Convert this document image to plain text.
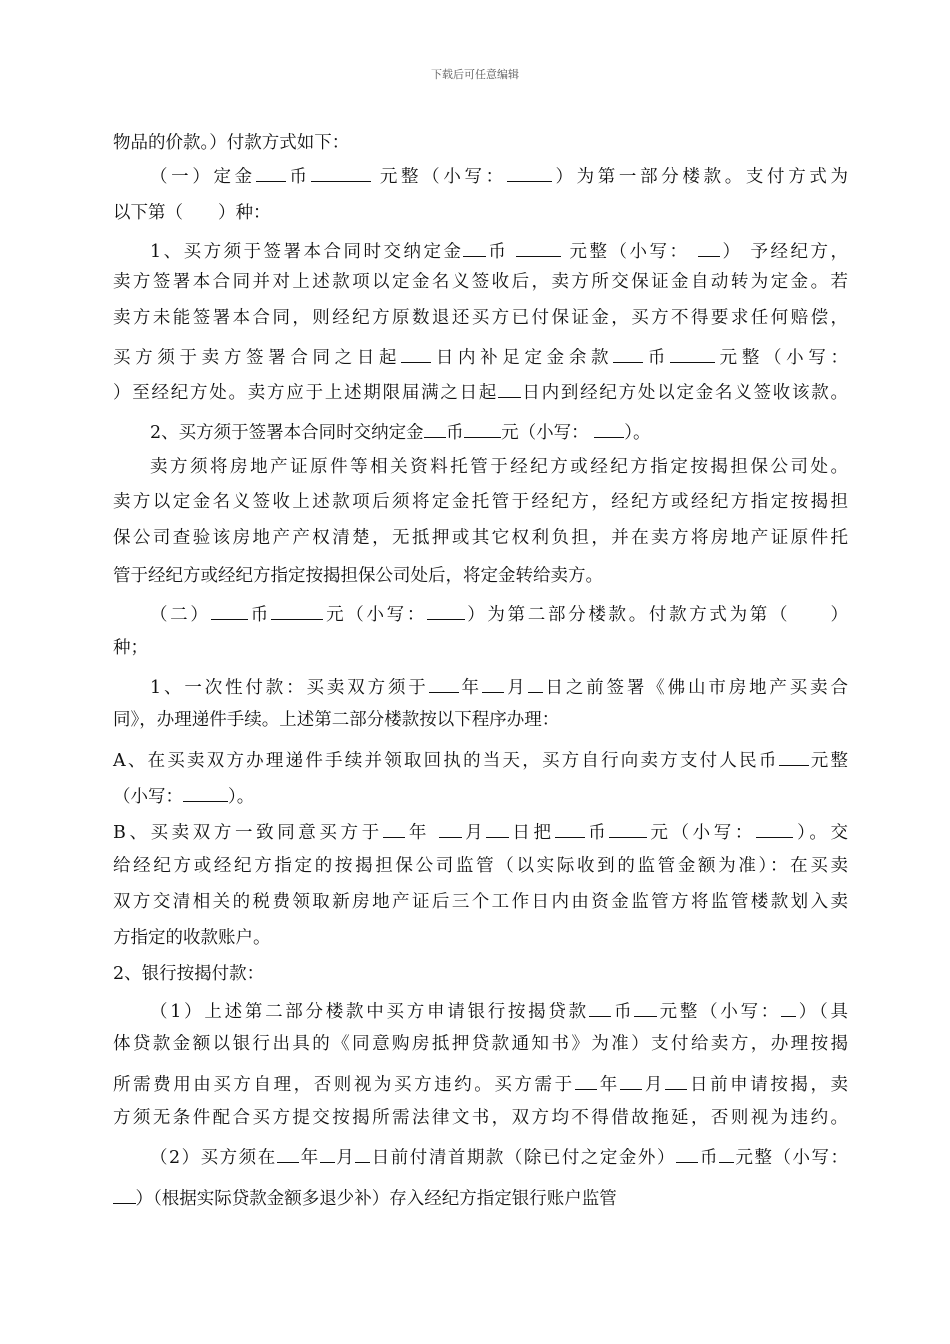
下载后可任意编辑
物品的价款。）付款方式如下：
（一）定金 币	元整（小写：	）为第一部分楼款。支付方式为
以下第（　　）种：
1、买方须于签署本合同时交纳定金 币	元整（小写： ） 予经纪方，
卖方签署本合同并对上述款项以定金名义签收后，卖方所交保证金自动转为定金。若
卖方未能签署本合同，则经纪方原数退还买方已付保证金，买方不得要求任何赔偿，
买方须于卖方签署合同之日起 日内补足定金余款 币	元整（小写：
）至经纪方处。卖方应于上述期限届满之日起 日内到经纪方处以定金名义签收该款。
2、买方须于签署本合同时交纳定金 币 元（小写： ）。
卖方须将房地产证原件等相关资料托管于经纪方或经纪方指定按揭担保公司处。
卖方以定金名义签收上述款项后须将定金托管于经纪方，经纪方或经纪方指定按揭担
保公司查验该房地产产权清楚，无抵押或其它权利负担，并在卖方将房地产证原件托
管于经纪方或经纪方指定按揭担保公司处后，将定金转给卖方。
（二） 币	元（小写： ）为第二部分楼款。付款方式为第（　　）
种；
1、一次性付款：买卖双方须于 年 月 日之前签署《佛山市房地产买卖合
同》，办理递件手续。上述第二部分楼款按以下程序办理：
A、在买卖双方办理递件手续并领取回执的当天，买方自行向卖方支付人民币 元整
（小写：	）。
B、买卖双方一致同意买方于 年 月 日把 币 元（小写： ）。交
给经纪方或经纪方指定的按揭担保公司监管（以实际收到的监管金额为准）：在买卖
双方交清相关的税费领取新房地产证后三个工作日内由资金监管方将监管楼款划入卖
方指定的收款账户。
2、银行按揭付款：
（1）上述第二部分楼款中买方申请银行按揭贷款 币 元整（小写： ）（具
体贷款金额以银行出具的《同意购房抵押贷款通知书》为准）支付给卖方，办理按揭
所需费用由买方自理，否则视为买方违约。买方需于 年 月 日前申请按揭，卖
方须无条件配合买方提交按揭所需法律文书，双方均不得借故拖延，否则视为违约。
（2）买方须在 年 月 日前付清首期款（除已付之定金外） 币 元整（小写：
）（根据实际贷款金额多退少补）存入经纪方指定银行账户监管
